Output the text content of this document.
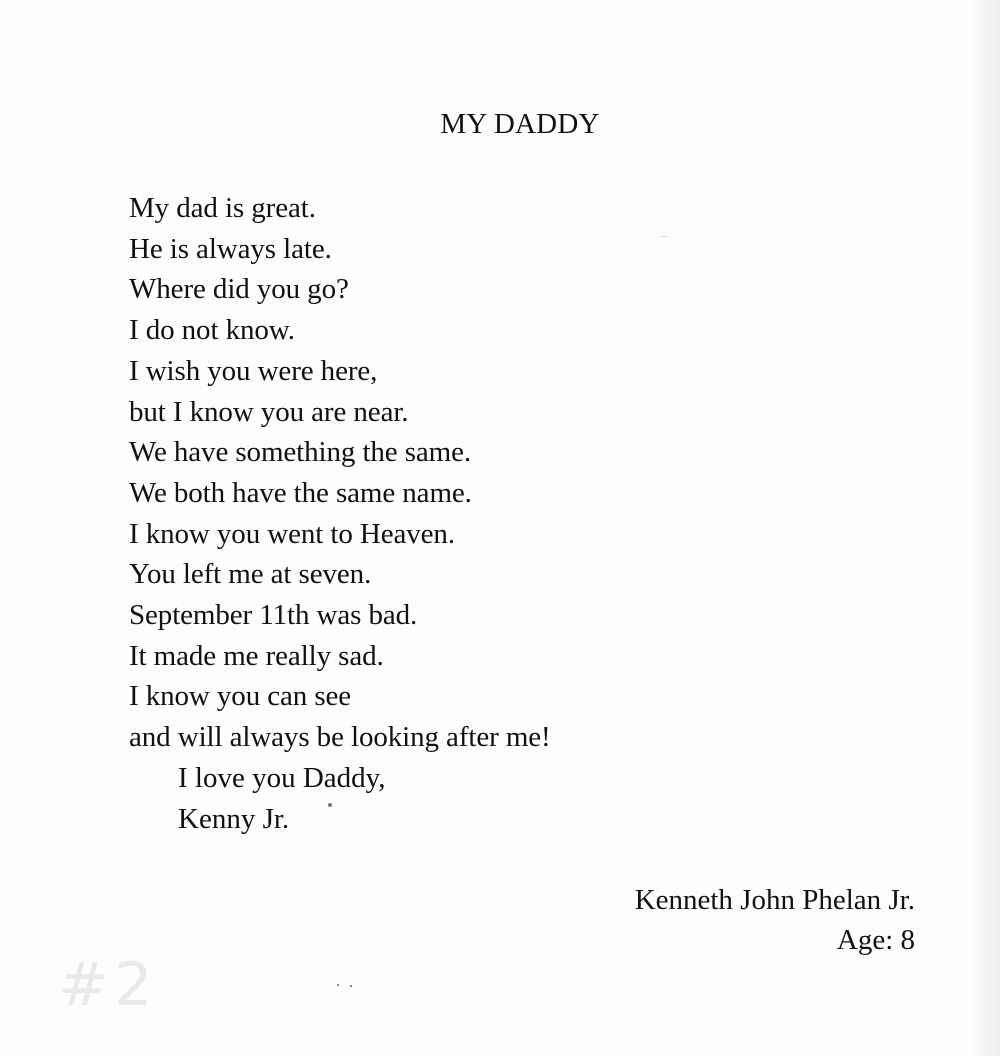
MY DADDY
My dad is great.
He is always late.
Where did you go?
I do not know.
I wish you were here,
but I know you are near.
We have something the same.
We both have the same name.
I know you went to Heaven.
You left me at seven.
September 11th was bad.
It made me really sad.
I know you can see
and will always be looking after me!
I love you Daddy,
Kenny Jr.
Kenneth John Phelan Jr.
Age: 8
#2
